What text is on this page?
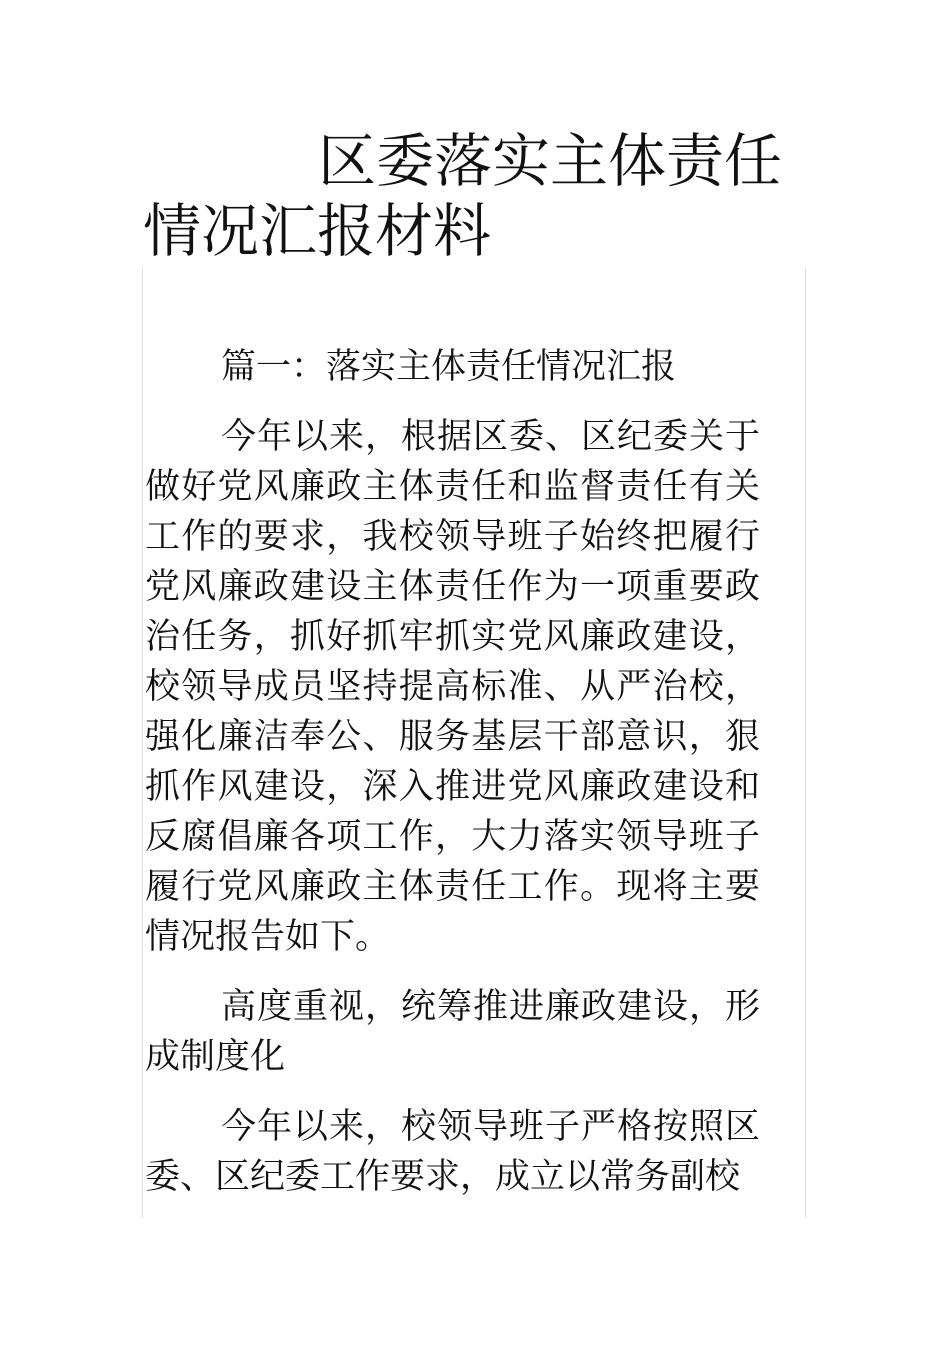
区委落实主体责任
情况汇报材料

篇一：落实主体责任情况汇报

今年以来，根据区委、区纪委关于做好党风廉政主体责任和监督责任有关工作的要求，我校领导班子始终把履行党风廉政建设主体责任作为一项重要政治任务，抓好抓牢抓实党风廉政建设，校领导成员坚持提高标准、从严治校，强化廉洁奉公、服务基层干部意识，狠抓作风建设，深入推进党风廉政建设和反腐倡廉各项工作，大力落实领导班子履行党风廉政主体责任工作。现将主要情况报告如下。

高度重视，统筹推进廉政建设，形成制度化

今年以来，校领导班子严格按照区委、区纪委工作要求，成立以常务副校
